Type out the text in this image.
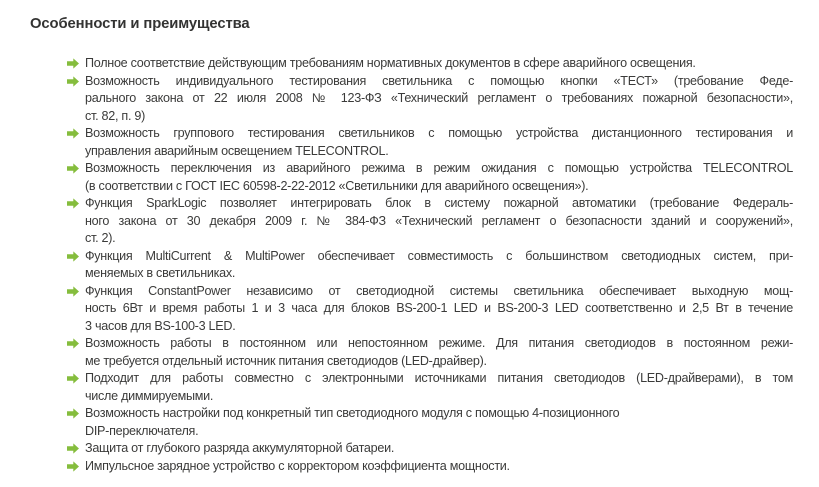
Особенности и преимущества
Полное соответствие действующим требованиям нормативных документов в сфере аварийного освещения.
Возможность индивидуального тестирования светильника с помощью кнопки «ТЕСТ» (требование Феде-
рального закона от 22 июля 2008 № 123-ФЗ «Технический регламент о требованиях пожарной безопасности»,
ст. 82, п. 9)
Возможность группового тестирования светильников с помощью устройства дистанционного тестирования и
управления аварийным освещением TELECONTROL.
Возможность переключения из аварийного режима в режим ожидания с помощью устройства TELECONTROL
(в соответствии с ГОСТ IEC 60598-2-22-2012 «Светильники для аварийного освещения»).
Функция SparkLogic позволяет интегрировать блок в систему пожарной автоматики (требование Федераль-
ного закона от 30 декабря 2009 г. № 384-ФЗ «Технический регламент о безопасности зданий и сооружений»,
ст. 2).
Функция MultiCurrent & MultiPower обеспечивает совместимость с большинством светодиодных систем, при-
меняемых в светильниках.
Функция ConstantPower независимо от светодиодной системы светильника обеспечивает выходную мощ-
ность 6Вт и время работы 1 и 3 часа для блоков BS-200-1 LED и BS-200-3 LED соответственно и 2,5 Вт в течение
3 часов для BS-100-3 LED.
Возможность работы в постоянном или непостоянном режиме. Для питания светодиодов в постоянном режи-
ме требуется отдельный источник питания светодиодов (LED-драйвер).
Подходит для работы совместно с электронными источниками питания светодиодов (LED-драйверами), в том
числе диммируемыми.
Возможность настройки под конкретный тип светодиодного модуля с помощью 4-позиционного
DIP-переключателя.
Защита от глубокого разряда аккумуляторной батареи.
Импульсное зарядное устройство с корректором коэффициента мощности.
